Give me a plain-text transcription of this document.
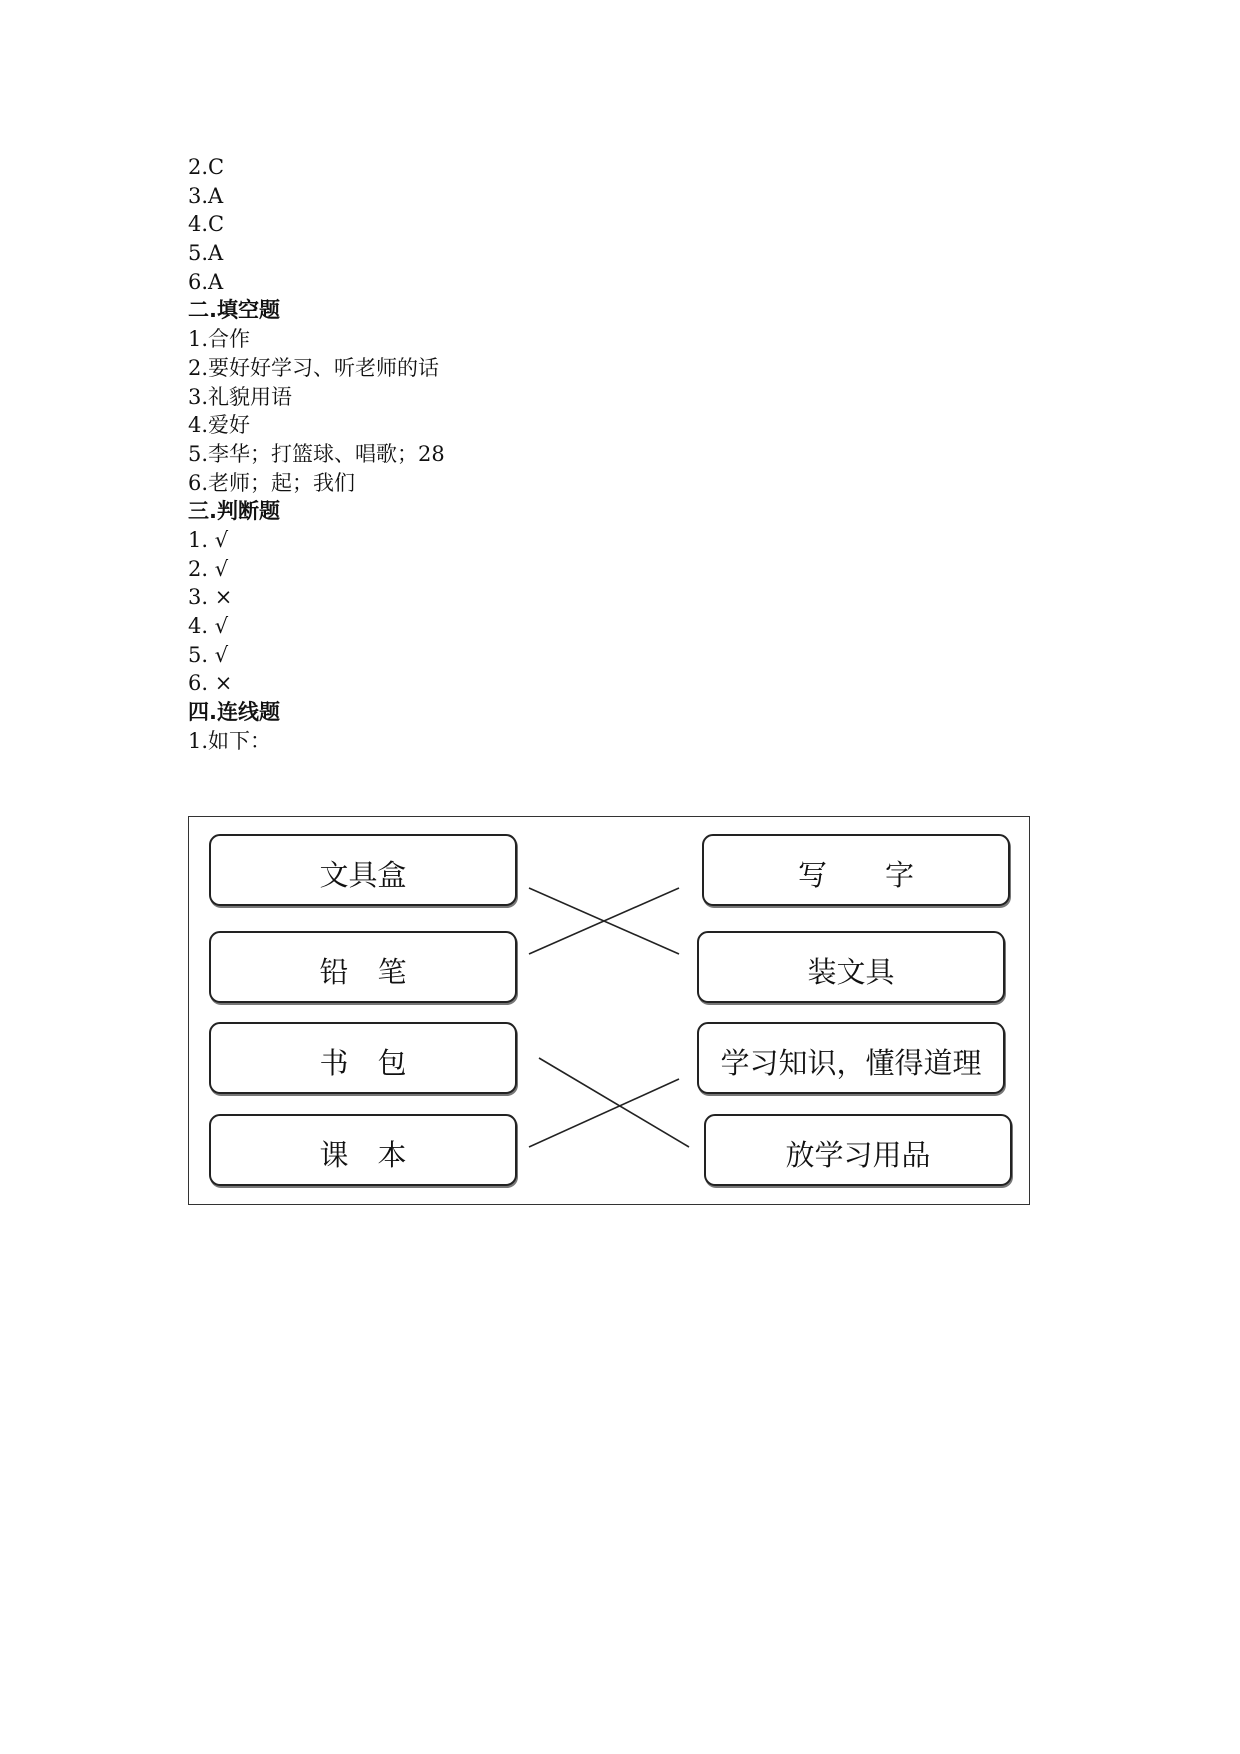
2.C
3.A
4.C
5.A
6.A
二.填空题
1.合作
2.要好好学习、听老师的话
3.礼貌用语
4.爱好
5.李华；打篮球、唱歌；28
6.老师；起；我们
三.判断题
1. √
2. √
3. ×
4. √
5. √
6. ×
四.连线题
1.如下：
文具盒
铅　笔
书　包
课　本
写　　字
装文具
学习知识，懂得道理
放学习用品
